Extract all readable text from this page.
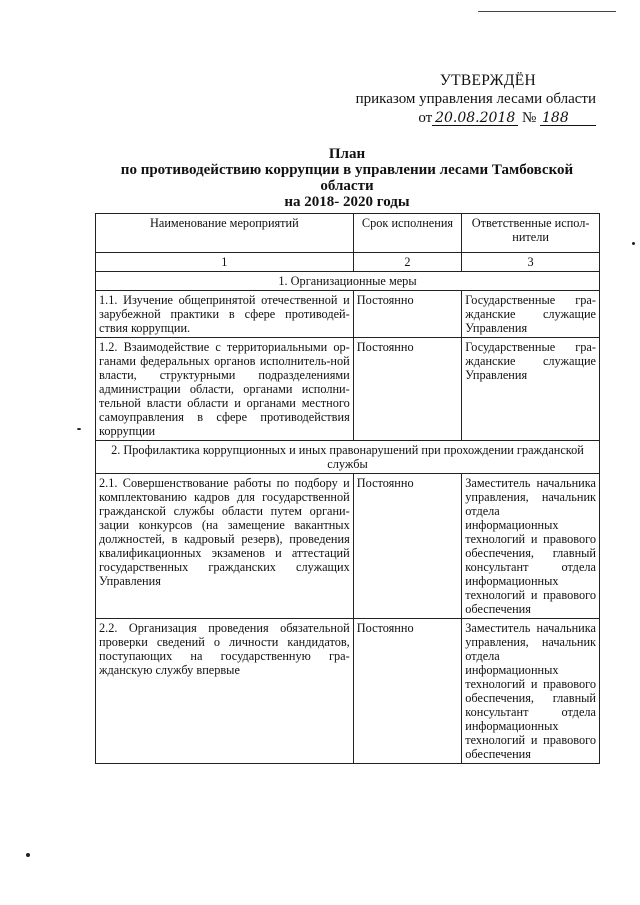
УТВЕРЖДЁН
приказом управления лесами области
от 20.08.2018 № 188
План
по противодействию коррупции в управлении лесами Тамбовской области
на 2018- 2020 годы
Наименование мероприятий	Срок исполнения	Ответственные испол-нители
1	2	3
1. Организационные меры		
1.1. Изучение общепринятой отечественной и зарубежной практики в сфере противодей-ствия коррупции.	Постоянно	Государственные гра-жданские служащие Управления
1.2. Взаимодействие с территориальными ор-ганами федеральных органов исполнитель-ной власти, структурными подразделениями администрации области, органами исполни-тельной власти области и органами местного самоуправления в сфере противодействия коррупции	Постоянно	Государственные гра-жданские служащие Управления
2. Профилактика коррупционных и иных правонарушений при прохождении гражданской службы		
2.1. Совершенствование работы по подбору и комплектованию кадров для государственной гражданской службы области путем органи-зации конкурсов (на замещение вакантных должностей, в кадровый резерв), проведения квалификационных экзаменов и аттестаций государственных гражданских служащих Управления	Постоянно	Заместитель начальника управления, начальник отдела информационных технологий и правового обеспечения, главный консультант отдела информационных технологий и правового обеспечения
2.2. Организация проведения обязательной проверки сведений о личности кандидатов, поступающих на государственную гра-жданскую службу впервые	Постоянно	Заместитель начальника управления, начальник отдела информационных технологий и правового обеспечения, главный консультант отдела информационных технологий и правового обеспечения
